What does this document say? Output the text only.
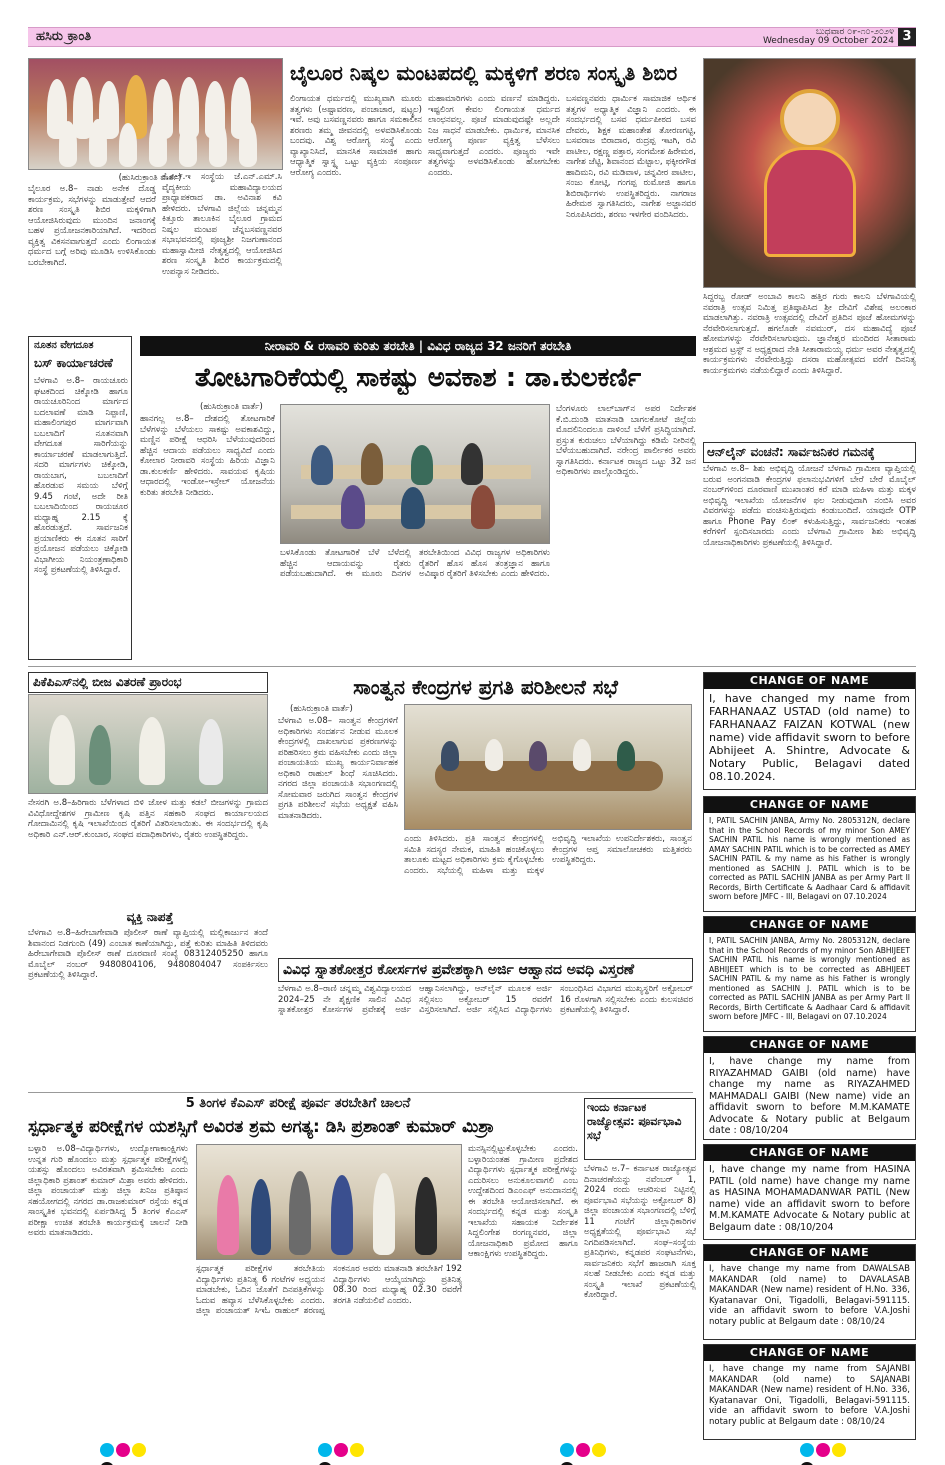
ಹಸಿರು ಕ್ರಾಂತಿ	ಬುಧವಾರ ೦೯-೧೦-೨೦೨೪
Wednesday 09 October 2024 3
ಬೈಲೂರ ನಿಷ್ಕಲ ಮಂಟಪದಲ್ಲಿ ಮಕ್ಕಳಿಗೆ ಶರಣ ಸಂಸ್ಕೃತಿ ಶಿಬಿರ
(ಹುಸಿರುಕ್ರಾಂತಿ ವಾರ್ತೆ)
ಬೈಲೂರ ಅ.8– ನಾಡು ಅನೇಕ ದೊಡ್ಡ ಕಾರ್ಯಕ್ರಮ, ಸಭೆಗಳನ್ನು ಮಾಡುತ್ತೇವೆ ಆದರೆ ಶರಣ ಸಂಸ್ಕೃತಿ ಶಿಬಿರ ಮಕ್ಕಳಿಗಾಗಿ ಆಯೋಜಿಸಿರುವುದು ಮುಂದಿನ ಜನಾಂಗಕ್ಕೆ ಬಹಳ ಪ್ರಯೋಜನಕಾರಿಯಾಗಿದೆ. ಇದರಿಂದ ವ್ಯಕ್ತಿತ್ವ ವಿಕಸನವಾಗುತ್ತದೆ ಎಂದು ಲಿಂಗಾಯತ ಧರ್ಮದ ಬಗ್ಗೆ ಅರಿವು ಮೂಡಿಸಿ ಉಳಿಸಿಕೊಂಡು ಬರಬೇಕಾಗಿದೆ.
ಕೆ.ಎಲ್.ಇ ಸಂಸ್ಥೆಯ ಜೆ.ಎನ್.ಎಮ್.ಸಿ ವೈದ್ಯಕೀಯ ಮಹಾವಿದ್ಯಾಲಯದ ಪ್ರಾಧ್ಯಾಪಕರಾದ ಡಾ. ಅವಿನಾಶ ಕವಿ ಹೇಳಿದರು. ಬೆಳಗಾವಿ ಜಿಲ್ಲೆಯ ಚನ್ನಮ್ಮನ ಕಿತ್ತೂರು ತಾಲೂಕಿನ ಬೈಲೂರ ಗ್ರಾಮದ ನಿಷ್ಕಲ ಮಂಟಪ ಚೆನ್ನಬಸವಣ್ಣನವರ ಸಭಾಭವನದಲ್ಲಿ ಪೂಜ್ಯಶ್ರೀ ನಿಜಗುಣಾನಂದ ಮಹಾಸ್ವಾಮೀಜಿ ನೇತೃತ್ವದಲ್ಲಿ ಆಯೋಜಿಸಿದ ಶರಣ ಸಂಸ್ಕೃತಿ ಶಿಬಿರ ಕಾರ್ಯಕ್ರಮದಲ್ಲಿ ಉಪನ್ಯಾಸ ನೀಡಿದರು.
ಲಿಂಗಾಯತ ಧರ್ಮದಲ್ಲಿ ಮುಖ್ಯವಾಗಿ ಮೂರು ತತ್ವಗಳು (ಅಷ್ಟಾವರಣ, ಪಂಚಾಚಾರ, ಷಟ್ಸ್ಥಲ) ಇವೆ. ಅವು ಬಸವಣ್ಣನವರು ಹಾಗೂ ಸಮಕಾಲೀನ ಶರಣರು ತಮ್ಮ ಜೀವನದಲ್ಲಿ ಅಳವಡಿಸಿಕೊಂಡು ಬಂದವು. ವಿಶ್ವ ಆರೋಗ್ಯ ಸಂಸ್ಥೆ ಎಂದು ವ್ಯಾಖ್ಯಾನಿಸಿದೆ, ಮಾನಸಿಕ ಸಾಮಾಜಿಕ ಹಾಗು ಆಧ್ಯಾತ್ಮಿಕ ಸ್ವಾಸ್ಥ್ಯ ಒಟ್ಟು ವ್ಯಕ್ತಿಯ ಸಂಪೂರ್ಣ ಆರೋಗ್ಯ ಎಂದರು.
ಮಹಾಮಾರಿಗಳು ಎಂದು ವರ್ಣನೆ ಮಾಡಿದ್ದರು. ಇಷ್ಟಲಿಂಗ ಕೇವಲ ಲಿಂಗಾಯತ ಧರ್ಮದ ಲಾಂಛನವಲ್ಲ. ಪೂಜೆ ಮಾಡುವುದಷ್ಟೇ ಅಲ್ಲದೇ ನಿಜ ಸಾಧನೆ ಮಾಡಬೇಕು. ಧಾರ್ಮಿಕ, ಮಾನಸಿಕ ಆರೋಗ್ಯ ಪೂರ್ಣ ವ್ಯಕ್ತಿತ್ವ ಬೆಳೆಸಲು ಸಾಧ್ಯವಾಗುತ್ತದೆ ಎಂದರು. ಪೂಜ್ಯರು ಇವೇ ತತ್ವಗಳನ್ನು ಅಳವಡಿಸಿಕೊಂಡು ಹೋಗಬೇಕು ಎಂದರು.
ಬಸವಣ್ಣನವರು ಧಾರ್ಮಿಕ ಸಾಮಾಜಿಕ ಆರ್ಥಿಕ ತತ್ವಗಳ ಅಧ್ಯಾತ್ಮಿಕ ವಿಜ್ಞಾನಿ ಎಂದರು. ಈ ಸಂದರ್ಭದಲ್ಲಿ ಬಸವ ಧರ್ಮಪೀಠದ ಬಸವ ದೇವರು, ಶಿಕ್ಷಕ ಮಹಾಂತೇಶ ತೋರಣಗಟ್ಟಿ, ಬಸವರಾಜ ಬಿರಾದಾರ, ರುದ್ರಪ್ಪ ಇಟಗಿ, ರವಿ ಪಾಟೀಲ, ರಕ್ಷಣ್ಣ ಪತ್ತಾರ, ಸಂಗಮೇಶ ಹಿರೇಮಠ, ನಾಗೇಶ ಜೆಟ್ಟಿ, ಶಿವಾನಂದ ಮೆಟ್ಟಾಲ, ಫಕ್ಕೀರಗೌಡ ಹಾದಿಮನಿ, ರವಿ ಮಡಿವಾಳ, ಚನ್ನವೀರ ಪಾಟೀಲ, ಸಂಜು ಕೋಟ್ಗಿ, ಗಂಗಪ್ಪ ರುಮೋಜಿ ಹಾಗೂ ಶಿಬಿರಾರ್ಥಿಗಳು ಉಪಸ್ಥಿತರಿದ್ದರು. ನಾಗರಾಜ ಹಿರೇಮಠ ಸ್ವಾಗತಿಸಿದರು, ನಾಗೇಶ ಅಜ್ಜಾನವರ ನಿರೂಪಿಸಿದರು, ಶರಣು ಇಳಗೇರ ವಂದಿಸಿದರು.
ಸಿದ್ದರಬ್ಬ ರೋಡ್ ಅಂಬಾವಿ ಕಾಲನಿ ಹತ್ತಿರ ಗುರು ಕಾಲನಿ ಬೆಳಗಾವಿಯಲ್ಲಿ ನವರಾತ್ರಿ ಉತ್ಸವ ನಿಮಿತ್ತ ಪ್ರತಿಷ್ಠಾಪಿಸಿದ ಶ್ರೀ ದೇವಿಗೆ ವಿಶೇಷ ಅಲಂಕಾರ ಮಾಡಲಾಗಿತ್ತು. ನವರಾತ್ರಿ ಉತ್ಸವದಲ್ಲಿ ದೇವಿಗೆ ಪ್ರತಿದಿನ ಪೂಜೆ ಹೋಮಗಳನ್ನು ನೆರವೇರಿಸಲಾಗುತ್ತದೆ. ಹಗಲೊಡೇ ನವಮುರ್, ದಸ ಮಹಾವಿದ್ಯೆ ಪೂಜೆ ಹೋಮಗಳನ್ನು ನೆರವೇರಿಸಲಾಗುವುದು. ಜ್ಞಾನೇಶ್ವರ ಮಂದಿರದ ಸೀತಾರಾಮ ಆಶ್ರಮದ ಟ್ರಸ್ಟ್ ನ ಅಧ್ಯಕ್ಷರಾದ ನೇತಿ ಸೀತಾರಾಮಯ್ಯ ಧರ್ಮ ಅವರ ನೇತೃತ್ವದಲ್ಲಿ ಕಾರ್ಯಕ್ರಮಗಳು ನೆರವೇರುತ್ತಿದ್ದು ದಸರಾ ಮಹೋತ್ಸವದ ವರೆಗೆ ದಿನನಿತ್ಯ ಕಾರ್ಯಕ್ರಮಗಳು ನಡೆಯಲಿದ್ದಾರೆ ಎಂದು ತಿಳಿಸಿದ್ದಾರೆ.
ನೂತನ ವೇಗದೂತ
ಬಸ್ ಕಾರ್ಯಾಚರಣೆ
ಬೆಳಗಾವಿ ಅ.8– ರಾಯಚೂರು ಘಟಕದಿಂದ ಚಿಕ್ಕೋಡಿ ಹಾಗೂ ರಾಯಚೂರಿನಿಂದ ಮಾರ್ಗದ ಬದಲಾವಣೆ ಮಾಡಿ ನಿಪ್ಪಾಣಿ, ಮಹಾಲಿಂಗಪುರ ಮಾರ್ಗವಾಗಿ ಬಬಲಾದಿಗೆ ನೂತನವಾಗಿ ವೇಗದೂತ ಸಾರಿಗೆಯನ್ನು ಕಾರ್ಯಾಚರಣೆ ಮಾಡಲಾಗುತ್ತಿದೆ. ಸದರಿ ಮಾರ್ಗಗಳು ಚಿಕ್ಕೋಡಿ, ರಾಯಬಾಗ, ಬಬಲಾದಿಗೆ ಹೊರಡುವ ಸಮಯ ಬೆಳಿಗ್ಗೆ 9.45 ಗಂಟೆ, ಅದೇ ರೀತಿ ಬಬಲಾದಿಯಿಂದ ರಾಯಚೂರ ಮಧ್ಯಾಹ್ನ 2.15 ಕ್ಕೆ ಹೊರಡುತ್ತದೆ. ಸಾರ್ವಜನಿಕ ಪ್ರಯಾಣಿಕರು ಈ ನೂತನ ಸಾರಿಗೆ ಪ್ರಯೋಜನ ಪಡೆಯಲು ಚಿಕ್ಕೋಡಿ ವಿಭಾಗೀಯ ನಿಯಂತ್ರಣಾಧಿಕಾರಿ ಸಂಸ್ಥೆ ಪ್ರಕಟಣೆಯಲ್ಲಿ ತಿಳಿಸಿದ್ದಾರೆ.
ನೀರಾವರಿ & ರಸಾವರಿ ಕುರಿತು ತರಬೇತಿ | ವಿವಿಧ ರಾಜ್ಯದ 32 ಜನರಿಗೆ ತರಬೇತಿ
ತೋಟಗಾರಿಕೆಯಲ್ಲಿ ಸಾಕಷ್ಟು ಅವಕಾಶ : ಡಾ.ಕುಲಕರ್ಣಿ
(ಹುಸಿರುಕ್ರಾಂತಿ ವಾರ್ತೆ)
ಹಾನಗಲ್ಲ ಅ.8– ದೇಶದಲ್ಲಿ ತೋಟಗಾರಿಕೆ ಬೆಳೆಗಳನ್ನು ಬೆಳೆಯಲು ಸಾಕಷ್ಟು ಅವಕಾಶವಿದ್ದು, ಮಣ್ಣಿನ ಪರೀಕ್ಷೆ ಆಧರಿಸಿ ಬೆಳೆಯುವುದರಿಂದ ಹೆಚ್ಚಿನ ಆದಾಯ ಪಡೆಯಲು ಸಾಧ್ಯವಿದೆ ಎಂದು ಕೋಲಾರ ನೀರಾವರಿ ಸಂಸ್ಥೆಯ ಹಿರಿಯ ವಿಜ್ಞಾನಿ ಡಾ.ಕುಲಕರ್ಣಿ ಹೇಳಿದರು. ಸಾವಯವ ಕೃಷಿಯ ಆಧಾರದಲ್ಲಿ ಇಂಡೋ–ಇಸ್ರೇಲ್ ಯೋಜನೆಯ ಕುರಿತು ತರಬೇತಿ ನೀಡಿದರು.
ಬಳಸಿಕೊಂಡು ತೋಟಗಾರಿಕೆ ಬೆಳೆ ಬೆಳೆದಲ್ಲಿ ಹೆಚ್ಚಿನ ಆದಾಯವನ್ನು ರೈತರು ಪಡೆಯಬಹುದಾಗಿದೆ. ಈ ಮೂರು ದಿನಗಳ ತರಬೇತಿಯಿಂದ ವಿವಿಧ ರಾಜ್ಯಗಳ ಅಧಿಕಾರಿಗಳು ರೈತರಿಗೆ ಹೊಸ ಹೊಸ ತಂತ್ರಜ್ಞಾನ ಹಾಗೂ ಅವಿಷ್ಕಾರ ರೈತರಿಗೆ ತಿಳಿಸಬೇಕು ಎಂದು ಹೇಳಿದರು.
ಬೆಂಗಳೂರು ಲಾಲ್‌ಬಾಗ್‌ನ ಅಪರ ನಿರ್ದೇಶಕ ಕೆ.ಬಿ.ದುಂಡಿ ಮಾತನಾಡಿ ಬಾಗಲಕೋಟೆ ಜಿಲ್ಲೆಯ ಮೊದಲಿನಿಂದಲೂ ದಾಳಿಂಬೆ ಬೆಳೆಗೆ ಪ್ರಸಿದ್ಧಿಯಾಗಿದೆ. ಪ್ರಸ್ತುತ ಕುರುಚಲು ಬೆಳೆಯಾಗಿದ್ದು ಕಡಿಮೆ ನೀರಿನಲ್ಲಿ ಬೆಳೆಯಬಹುದಾಗಿದೆ. ನರೇಂದ್ರ ಪಾರ್ಲೀಕರ ಅವರು ಸ್ವಾಗತಿಸಿದರು. ಕರ್ನಾಟಕ ರಾಜ್ಯದ ಒಟ್ಟು 32 ಜನ ಅಧಿಕಾರಿಗಳು ಪಾಲ್ಗೊಂಡಿದ್ದರು.
ಆನ್‌ಲೈನ್ ವಂಚನೆ: ಸಾರ್ವಜನಿಕರ ಗಮನಕ್ಕೆ
ಬೆಳಗಾವಿ ಅ.8– ಶಿಶು ಅಭಿವೃದ್ಧಿ ಯೋಜನೆ ಬೆಳಗಾವಿ ಗ್ರಾಮೀಣ ವ್ಯಾಪ್ತಿಯಲ್ಲಿ ಬರುವ ಅಂಗನವಾಡಿ ಕೇಂದ್ರಗಳ ಫಲಾನುಭವಿಗಳಿಗೆ ಬೇರೆ ಬೇರೆ ಮೊಬೈಲ್ ನಂಬರ್‌ಗಳಿಂದ ದೂರವಾಣಿ ಮುಖಾಂತರ ಕರೆ ಮಾಡಿ ಮಹಿಳಾ ಮತ್ತು ಮಕ್ಕಳ ಅಭಿವೃದ್ಧಿ ಇಲಾಖೆಯ ಯೋಜನೆಗಳ ಫಲ ನೀಡುವುದಾಗಿ ನಂಬಿಸಿ ಅವರ ವಿವರಗಳನ್ನು ಪಡೆದು ವಂಚಿಸುತ್ತಿರುವುದು ಕಂಡುಬಂದಿದೆ. ಯಾವುದೇ OTP ಹಾಗೂ Phone Pay ಲಿಂಕ್ ಕಳುಹಿಸುತ್ತಿದ್ದು, ಸಾರ್ವಜನಿಕರು ಇಂತಹ ಕರೆಗಳಿಗೆ ಸ್ಪಂದಿಸಬಾರದು ಎಂದು ಬೆಳಗಾವಿ ಗ್ರಾಮೀಣ ಶಿಶು ಅಭಿವೃದ್ಧಿ ಯೋಜನಾಧಿಕಾರಿಗಳು ಪ್ರಕಟಣೆಯಲ್ಲಿ ತಿಳಿಸಿದ್ದಾರೆ.
ಪಿಕೆಪಿಎಸ್‌ನಲ್ಲಿ ಬೀಜ ವಿತರಣೆ ಪ್ರಾರಂಭ
ನೇಸರಗಿ ಅ.8–ಹಿರಿಗಾರು ಬೆಳೆಗಳಾದ ಬಿಳಿ ಜೋಳ ಮತ್ತು ಕಡಲೆ ಬೀಜಗಳನ್ನು ಗ್ರಾಮದ ವಿವಿಧೋದ್ದೇಶಗಳ ಗ್ರಾಮೀಣ ಕೃಷಿ ಪತ್ತಿನ ಸಹಕಾರಿ ಸಂಘದ ಕಾರ್ಯಾಲಯದ ಗೋದಾಮಿನಲ್ಲಿ ಕೃಷಿ ಇಲಾಖೆಯಿಂದ ರೈತರಿಗೆ ವಿತರಿಸಲಾಯಿತು. ಈ ಸಂದರ್ಭದಲ್ಲಿ ಕೃಷಿ ಅಧಿಕಾರಿ ಎನ್.ಆರ್.ಕುಂಬಾರ, ಸಂಘದ ಪದಾಧಿಕಾರಿಗಳು, ರೈತರು ಉಪಸ್ಥಿತರಿದ್ದರು.
ವ್ಯಕ್ತಿ ನಾಪತ್ತೆ
ಬೆಳಗಾವಿ ಅ.8–ಹಿರೇಬಾಗೇವಾಡಿ ಪೊಲೀಸ್ ಠಾಣೆ ವ್ಯಾಪ್ತಿಯಲ್ಲಿ ಮಲ್ಲಿಕಾರ್ಜುನ ತಂದೆ ಶಿವಾನಂದ ನಿಡಗುಂದಿ (49) ಎಂಬಾತ ಕಾಣೆಯಾಗಿದ್ದು, ಪತ್ತೆ ಕುರಿತು ಮಾಹಿತಿ ತಿಳಿದವರು ಹಿರೇಬಾಗೇವಾಡಿ ಪೊಲೀಸ್ ಠಾಣೆ ದೂರವಾಣಿ ಸಂಖ್ಯೆ 08312405250 ಹಾಗೂ ಮೊಬೈಲ್ ನಂಬರ್ 9480804106, 9480804047 ಸಂಪರ್ಕಿಸಲು ಪ್ರಕಟಣೆಯಲ್ಲಿ ತಿಳಿಸಿದ್ದಾರೆ.
ಸಾಂತ್ವನ ಕೇಂದ್ರಗಳ ಪ್ರಗತಿ ಪರಿಶೀಲನೆ ಸಭೆ
(ಹುಸಿರುಕ್ರಾಂತಿ ವಾರ್ತೆ)
ಬೆಳಗಾವಿ ಅ.08– ಸಾಂತ್ವನ ಕೇಂದ್ರಗಳಿಗೆ ಅಧಿಕಾರಿಗಳು ಸಂದರ್ಶನ ನೀಡುವ ಮೂಲಕ ಕೇಂದ್ರಗಳಲ್ಲಿ ದಾಖಲಾಗುವ ಪ್ರಕರಣಗಳನ್ನು ಪರಿಹರಿಸಲು ಕ್ರಮ ವಹಿಸಬೇಕು ಎಂದು ಜಿಲ್ಲಾ ಪಂಚಾಯತಿಯ ಮುಖ್ಯ ಕಾರ್ಯನಿರ್ವಾಹಕ ಅಧಿಕಾರಿ ರಾಹುಲ್ ಶಿಂಧೆ ಸೂಚಿಸಿದರು. ನಗರದ ಜಿಲ್ಲಾ ಪಂಚಾಯತಿ ಸಭಾಂಗಣದಲ್ಲಿ ಸೋಮವಾರ ಜರುಗಿದ ಸಾಂತ್ವನ ಕೇಂದ್ರಗಳ ಪ್ರಗತಿ ಪರಿಶೀಲನೆ ಸಭೆಯ ಅಧ್ಯಕ್ಷತೆ ವಹಿಸಿ ಮಾತನಾಡಿದರು.
ಎಂದು ತಿಳಿಸಿದರು. ಪ್ರತಿ ಸಾಂತ್ವನ ಕೇಂದ್ರಗಳಲ್ಲಿ ಸಮಿತಿ ಸದಸ್ಯರ ನೇಮಕ, ಮಾಹಿತಿ ಹಂಚಿಕೊಳ್ಳಲು ತಾಲೂಕು ಮಟ್ಟದ ಅಧಿಕಾರಿಗಳು ಕ್ರಮ ಕೈಗೊಳ್ಳಬೇಕು ಎಂದರು. ಸಭೆಯಲ್ಲಿ ಮಹಿಳಾ ಮತ್ತು ಮಕ್ಕಳ ಅಭಿವೃದ್ಧಿ ಇಲಾಖೆಯ ಉಪನಿರ್ದೇಶಕರು, ಸಾಂತ್ವನ ಕೇಂದ್ರಗಳ ಆಪ್ತ ಸಮಾಲೋಚಕರು ಮತ್ತಿತರರು ಉಪಸ್ಥಿತರಿದ್ದರು.
ವಿವಿಧ ಸ್ನಾತಕೋತ್ತರ ಕೋರ್ಸಗಳ ಪ್ರವೇಶಕ್ಕಾಗಿ ಅರ್ಜಿ ಆಹ್ವಾನದ ಅವಧಿ ವಿಸ್ತರಣೆ
ಬೆಳಗಾವಿ ಅ.8–ರಾಣಿ ಚನ್ನಮ್ಮ ವಿಶ್ವವಿದ್ಯಾಲಯದ 2024–25 ನೇ ಶೈಕ್ಷಣಿಕ ಸಾಲಿನ ವಿವಿಧ ಸ್ನಾತಕೋತ್ತರ ಕೋರ್ಸಗಳ ಪ್ರವೇಶಕ್ಕೆ ಅರ್ಜಿ ಆಹ್ವಾನಿಸಲಾಗಿದ್ದು, ಆನ್‌ಲೈನ್ ಮೂಲಕ ಅರ್ಜಿ ಸಲ್ಲಿಸಲು ಅಕ್ಟೋಬರ್ 15 ರವರೆಗೆ ವಿಸ್ತರಿಸಲಾಗಿದೆ. ಅರ್ಜಿ ಸಲ್ಲಿಸಿದ ವಿದ್ಯಾರ್ಥಿಗಳು ಸಂಬಂಧಿಸಿದ ವಿಭಾಗದ ಮುಖ್ಯಸ್ಥರಿಗೆ ಅಕ್ಟೋಬರ್ 16 ರೊಳಗಾಗಿ ಸಲ್ಲಿಸಬೇಕು ಎಂದು ಕುಲಸಚಿವರ ಪ್ರಕಟಣೆಯಲ್ಲಿ ತಿಳಿಸಿದ್ದಾರೆ.
CHANGE OF NAME
I, have changed my name from FARHANAAZ USTAD (old name) to FARHANAAZ FAIZAN KOTWAL (new name) vide affidavit sworn to before Abhijeet A. Shintre, Advocate & Notary Public, Belagavi dated 08.10.2024.
CHANGE OF NAME
I, PATIL SACHIN JANBA, Army No. 2805312N, declare that in the School Records of my minor Son AMEY SACHIN PATIL his name is wrongly mentioned as AMAY SACHIN PATIL which is to be corrected as AMEY SACHIN PATIL & my name as his Father is wrongly mentioned as SACHIN J. PATIL which is to be corrected as PATIL SACHIN JANBA as per Army Part II Records, Birth Certificate & Aadhaar Card & affidavit sworn before JMFC - III, Belagavi on 07.10.2024
CHANGE OF NAME
I, PATIL SACHIN JANBA, Army No. 2805312N, declare that in the School Records of my minor Son ABHIJEET SACHIN PATIL his name is wrongly mentioned as ABHIJEET which is to be corrected as ABHIJEET SACHIN PATIL & my name as his Father is wrongly mentioned as SACHIN J. PATIL which is to be corrected as PATIL SACHIN JANBA as per Army Part II Records, Birth Certificate & Aadhaar Card & affidavit sworn before JMFC - III, Belagavi on 07.10.2024
CHANGE OF NAME
I, have change my name from RIYAZAHMAD GAIBI (old name) have change my name as RIYAZAHMED MAHMADALI GAIBI (New name) vide an affidavit sworn to before M.M.KAMATE Advocate & Notary public at Belgaum date : 08/10/204
CHANGE OF NAME
I, have change my name from HASINA PATIL (old name) have change my name as HASINA MOHAMADANWAR PATIL (New name) vide an affidavit sworn to before M.M.KAMATE Advocate & Notary public at Belgaum date : 08/10/204
CHANGE OF NAME
I, have change my name from DAWALSAB MAKANDAR (old name) to DAVALASAB MAKANDAR (New name) resident of H.No. 336, Kyatanavar Oni, Tigadolli, Belagavi-591115. vide an affidavit sworn to before V.A.Joshi notary public at Belgaum date : 08/10/24
CHANGE OF NAME
I, have change my name from SAJANBI MAKANDAR (old name) to SAJANABI MAKANDAR (New name) resident of H.No. 336, Kyatanavar Oni, Tigadolli, Belagavi-591115. vide an affidavit sworn to before V.A.Joshi notary public at Belgaum date : 08/10/24
5 ತಿಂಗಳ ಕೆಎಎಸ್ ಪರೀಕ್ಷೆ ಪೂರ್ವ ತರಬೇತಿಗೆ ಚಾಲನೆ
ಸ್ಪರ್ಧಾತ್ಮಕ ಪರೀಕ್ಷೆಗಳ ಯಶಸ್ಸಿಗೆ ಅವಿರತ ಶ್ರಮ ಅಗತ್ಯ: ಡಿಸಿ ಪ್ರಶಾಂತ್ ಕುಮಾರ್ ಮಿಶ್ರಾ
ಬಳ್ಳಾರಿ ಅ.08–ವಿದ್ಯಾರ್ಥಿಗಳು, ಉದ್ಯೋಗಾಕಾಂಕ್ಷಿಗಳು ಉನ್ನತ ಗುರಿ ಹೊಂದಲು ಮತ್ತು ಸ್ಪರ್ಧಾತ್ಮಕ ಪರೀಕ್ಷೆಗಳಲ್ಲಿ ಯಶಸ್ಸು ಹೊಂದಲು ಅವಿರತವಾಗಿ ಶ್ರಮಿಸಬೇಕು ಎಂದು ಜಿಲ್ಲಾಧಿಕಾರಿ ಪ್ರಶಾಂತ್ ಕುಮಾರ್ ಮಿಶ್ರಾ ಅವರು ಹೇಳಿದರು. ಜಿಲ್ಲಾ ಪಂಚಾಯತ್ ಮತ್ತು ಜಿಲ್ಲಾ ಖನಿಜ ಪ್ರತಿಷ್ಠಾನ ಸಹಯೋಗದಲ್ಲಿ ನಗರದ ಡಾ.ರಾಜಕುಮಾರ್ ರಸ್ತೆಯ ಕನ್ನಡ ಸಾಂಸ್ಕೃತಿಕ ಭವನದಲ್ಲಿ ಏರ್ಪಡಿಸಿದ್ದ 5 ತಿಂಗಳ ಕೆಎಎಸ್ ಪರೀಕ್ಷಾ ಉಚಿತ ತರಬೇತಿ ಕಾರ್ಯಕ್ರಮಕ್ಕೆ ಚಾಲನೆ ನೀಡಿ ಅವರು ಮಾತನಾಡಿದರು.
ಸ್ಪರ್ಧಾತ್ಮಕ ಪರೀಕ್ಷೆಗಳ ತರಬೇತಿಯ ವಿದ್ಯಾರ್ಥಿಗಳು ಪ್ರತಿನಿತ್ಯ 6 ಗಂಟೆಗಳ ಅಧ್ಯಯನ ಮಾಡಬೇಕು, ಓದಿನ ಜೊತೆಗೆ ದಿನಪತ್ರಿಕೆಗಳನ್ನು ಓದುವ ಹವ್ಯಾಸ ಬೆಳೆಸಿಕೊಳ್ಳಬೇಕು ಎಂದರು. ಜಿಲ್ಲಾ ಪಂಚಾಯತ್ ಸಿಇಓ ರಾಹುಲ್ ಶರಣಪ್ಪ ಸಂಕನೂರ ಅವರು ಮಾತನಾಡಿ ತರಬೇತಿಗೆ 192 ವಿದ್ಯಾರ್ಥಿಗಳು ಆಯ್ಕೆಯಾಗಿದ್ದು ಪ್ರತಿನಿತ್ಯ 08.30 ರಿಂದ ಮಧ್ಯಾಹ್ನ 02.30 ರವರೆಗೆ ತರಗತಿ ನಡೆಯಲಿವೆ ಎಂದರು.
ಮನಸ್ಸಿನಲ್ಲಿಟ್ಟುಕೊಳ್ಳಬೇಕು ಎಂದರು. ಬಳ್ಳಾರಿಯಂತಹ ಗ್ರಾಮೀಣ ಪ್ರದೇಶದ ವಿದ್ಯಾರ್ಥಿಗಳು ಸ್ಪರ್ಧಾತ್ಮಕ ಪರೀಕ್ಷೆಗಳನ್ನು ಎದುರಿಸಲು ಅನುಕೂಲವಾಗಲಿ ಎಂಬ ಉದ್ದೇಶದಿಂದ ಡಿಎಂಎಫ್ ಅನುದಾನದಲ್ಲಿ ಈ ತರಬೇತಿ ಆಯೋಜಿಸಲಾಗಿದೆ. ಈ ಸಂದರ್ಭದಲ್ಲಿ ಕನ್ನಡ ಮತ್ತು ಸಂಸ್ಕೃತಿ ಇಲಾಖೆಯ ಸಹಾಯಕ ನಿರ್ದೇಶಕ ಸಿದ್ದಲಿಂಗೇಶ ರಂಗಣ್ಣನವರ, ಜಿಲ್ಲಾ ಯೋಜನಾಧಿಕಾರಿ ಪ್ರಮೋದ ಹಾಗೂ ಆಕಾಂಕ್ಷಿಗಳು ಉಪಸ್ಥಿತರಿದ್ದರು.
ಇಂದು ಕರ್ನಾಟಕ ರಾಜ್ಯೋತ್ಸವ: ಪೂರ್ವಭಾವಿ ಸಭೆ
ಬೆಳಗಾವಿ ಅ.7– ಕರ್ನಾಟಕ ರಾಜ್ಯೋತ್ಸವ ದಿನಾಚರಣೆಯನ್ನು ನವೆಂಬರ್ 1, 2024 ರಂದು ಆಚರಿಸುವ ನಿಟ್ಟಿನಲ್ಲಿ ಪೂರ್ವಭಾವಿ ಸಭೆಯನ್ನು ಅಕ್ಟೋಬರ್ 8) ಜಿಲ್ಲಾ ಪಂಚಾಯತ ಸಭಾಂಗಣದಲ್ಲಿ ಬೆಳಿಗ್ಗೆ 11 ಗಂಟೆಗೆ ಜಿಲ್ಲಾಧಿಕಾರಿಗಳ ಅಧ್ಯಕ್ಷತೆಯಲ್ಲಿ ಪೂರ್ವಭಾವಿ ಸಭೆ ನಿಗದಿಪಡಿಸಲಾಗಿದೆ. ಸಂಘ–ಸಂಸ್ಥೆಯ ಪ್ರತಿನಿಧಿಗಳು, ಕನ್ನಡಪರ ಸಂಘಟನೆಗಳು, ಸಾರ್ವಜನಿಕರು ಸಭೆಗೆ ಹಾಜರಾಗಿ ಸೂಕ್ತ ಸಲಹೆ ನೀಡಬೇಕು ಎಂದು ಕನ್ನಡ ಮತ್ತು ಸಂಸ್ಕೃತಿ ಇಲಾಖೆ ಪ್ರಕಟಣೆಯಲ್ಲಿ ಕೋರಿದ್ದಾರೆ.
